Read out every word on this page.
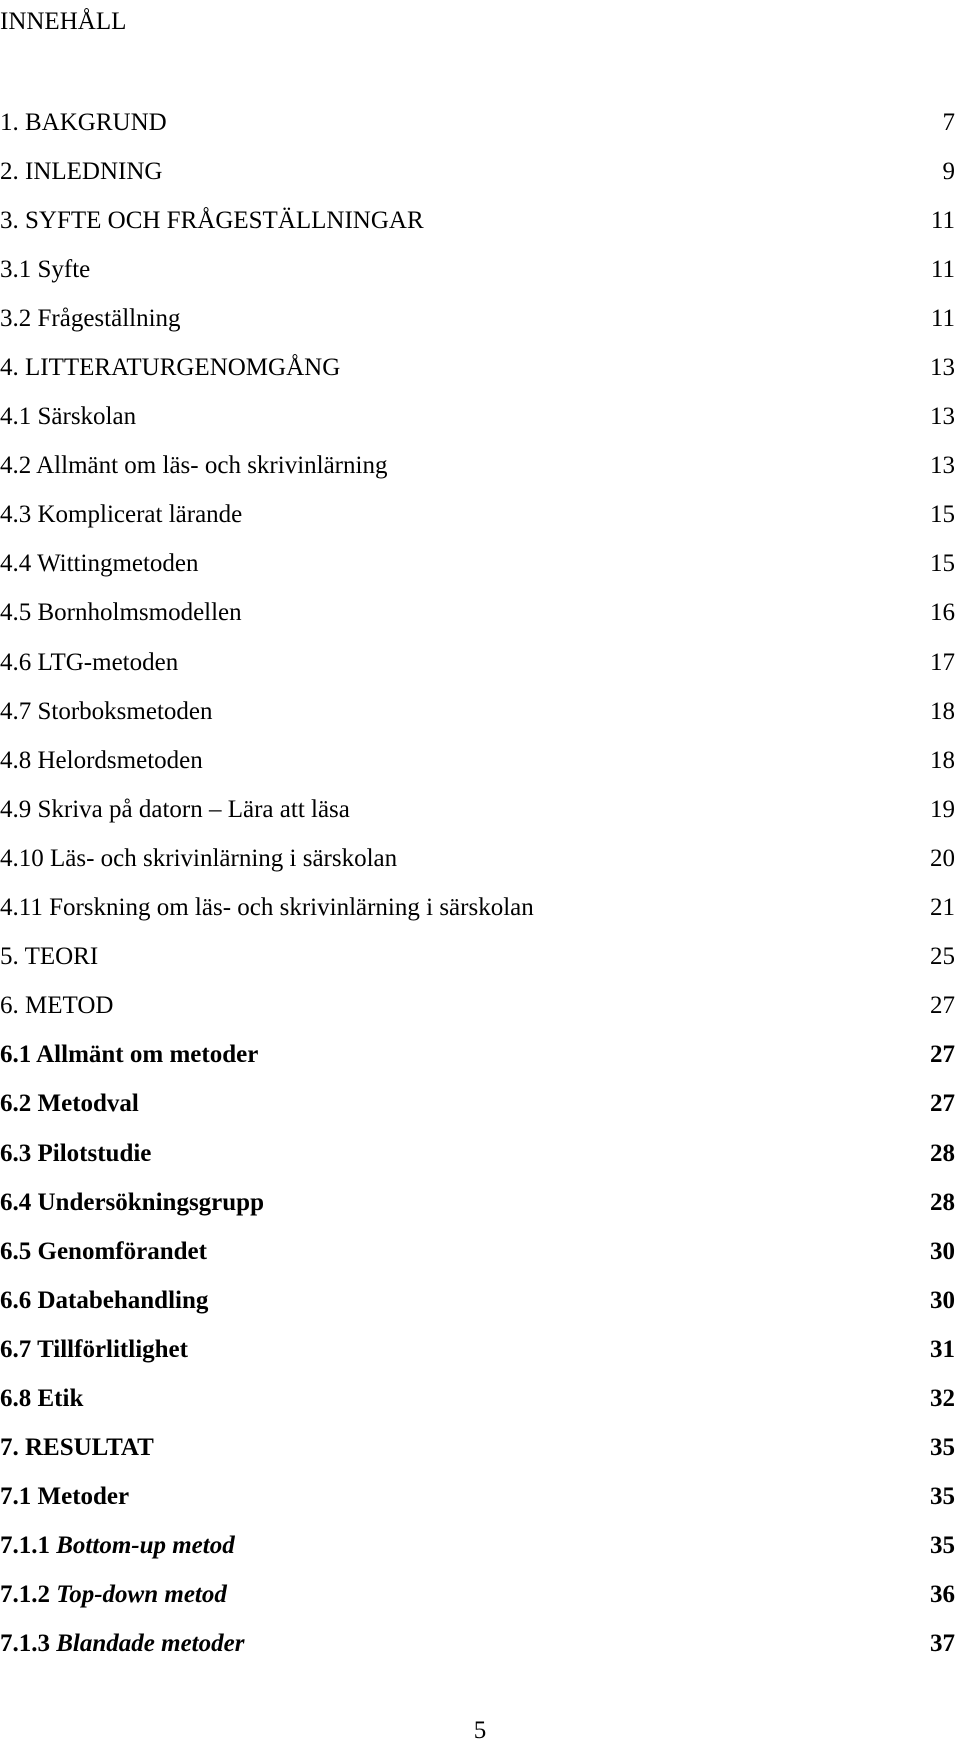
INNEHÅLL
1. BAKGRUND	7
2. INLEDNING	9
3. SYFTE OCH FRÅGESTÄLLNINGAR	11
3.1 Syfte	11
3.2 Frågeställning	11
4. LITTERATURGENOMGÅNG	13
4.1 Särskolan	13
4.2 Allmänt om läs- och skrivinlärning	13
4.3 Komplicerat lärande	15
4.4 Wittingmetoden	15
4.5 Bornholmsmodellen	16
4.6 LTG-metoden	17
4.7 Storboksmetoden	18
4.8 Helordsmetoden	18
4.9 Skriva på datorn – Lära att läsa	19
4.10 Läs- och skrivinlärning i särskolan	20
4.11 Forskning om läs- och skrivinlärning i särskolan	21
5. TEORI	25
6. METOD	27
6.1 Allmänt om metoder	27
6.2 Metodval	27
6.3 Pilotstudie	28
6.4 Undersökningsgrupp	28
6.5 Genomförandet	30
6.6 Databehandling	30
6.7 Tillförlitlighet	31
6.8 Etik	32
7. RESULTAT	35
7.1 Metoder	35
7.1.1 Bottom-up metod	35
7.1.2 Top-down metod	36
7.1.3 Blandade metoder	37
5
